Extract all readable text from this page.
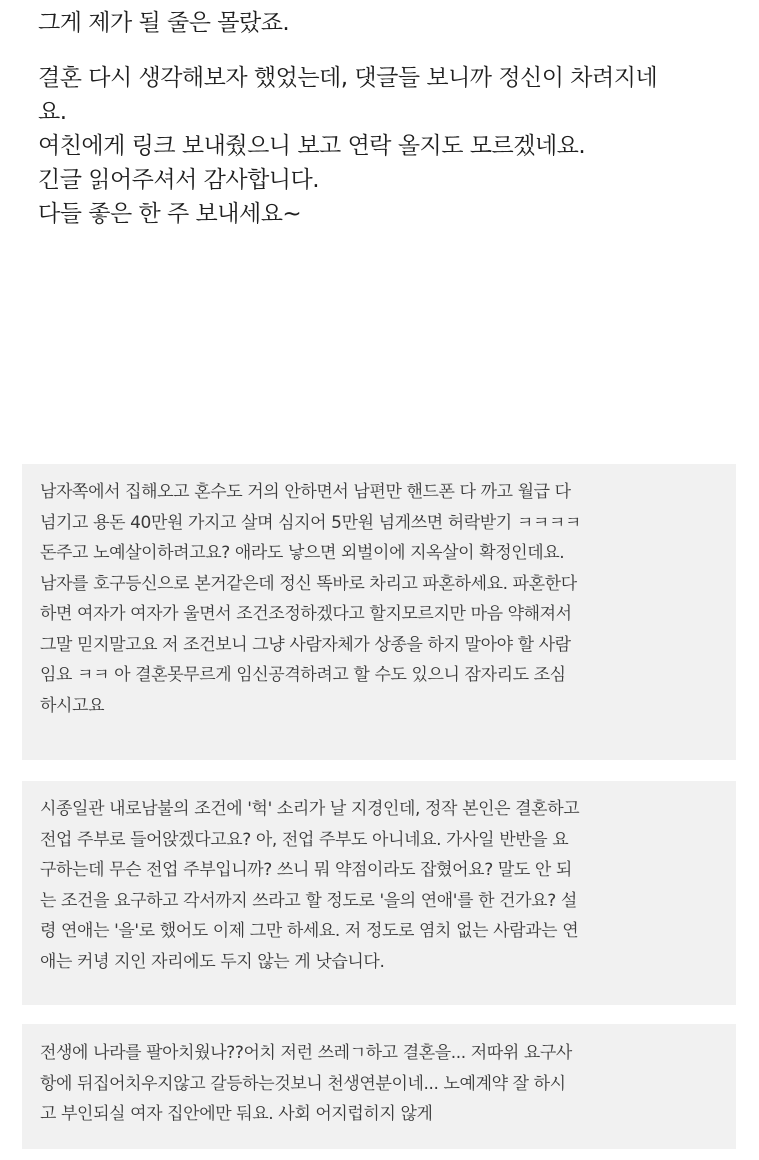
그게 제가 될 줄은 몰랐죠.
결혼 다시 생각해보자 했었는데, 댓글들 보니까 정신이 차려지네
요.
여친에게 링크 보내줬으니 보고 연락 올지도 모르겠네요.
긴글 읽어주셔서 감사합니다.
다들 좋은 한 주 보내세요~
남자쪽에서 집해오고 혼수도 거의 안하면서 남편만 핸드폰 다 까고 월급 다
넘기고 용돈 40만원 가지고 살며 심지어 5만원 넘게쓰면 허락받기 ㅋㅋㅋㅋ
돈주고 노예살이하려고요? 애라도 낳으면 외벌이에 지옥살이 확정인데요.
남자를 호구등신으로 본거같은데 정신 똑바로 차리고 파혼하세요. 파혼한다
하면 여자가 여자가 울면서 조건조정하겠다고 할지모르지만 마음 약해져서
그말 믿지말고요 저 조건보니 그냥 사람자체가 상종을 하지 말아야 할 사람
임요 ㅋㅋ 아 결혼못무르게 임신공격하려고 할 수도 있으니 잠자리도 조심
하시고요
시종일관 내로남불의 조건에 '헉' 소리가 날 지경인데, 정작 본인은 결혼하고
전업 주부로 들어앉겠다고요? 아, 전업 주부도 아니네요. 가사일 반반을 요
구하는데 무슨 전업 주부입니까? 쓰니 뭐 약점이라도 잡혔어요? 말도 안 되
는 조건을 요구하고 각서까지 쓰라고 할 정도로 '을의 연애'를 한 건가요? 설
령 연애는 '을'로 했어도 이제 그만 하세요. 저 정도로 염치 없는 사람과는 연
애는 커녕 지인 자리에도 두지 않는 게 낫습니다.
전생에 나라를 팔아치웠나??어치 저런 쓰레ㄱ하고 결혼을... 저따위 요구사
항에 뒤집어치우지않고 갈등하는것보니 천생연분이네... 노예계약 잘 하시
고 부인되실 여자 집안에만 둬요. 사회 어지럽히지 않게
